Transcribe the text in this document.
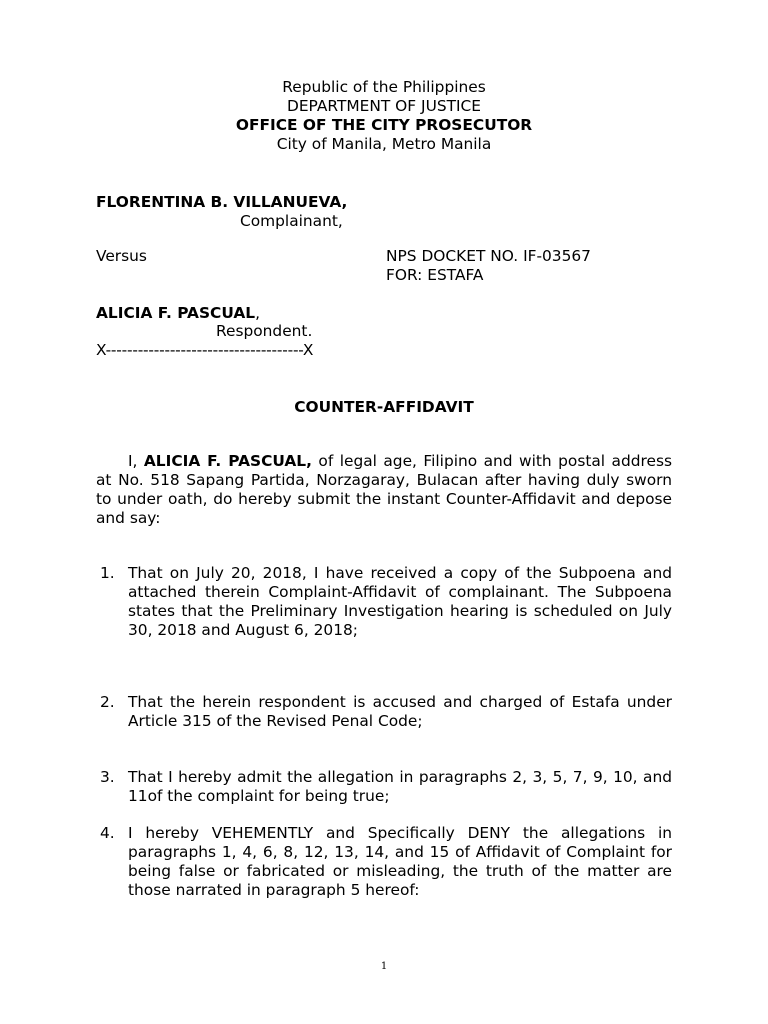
Republic of the Philippines
DEPARTMENT OF JUSTICE
OFFICE OF THE CITY PROSECUTOR
City of Manila, Metro Manila
FLORENTINA B. VILLANUEVA,
Complainant,
Versus	NPS DOCKET NO. IF-03567
FOR: ESTAFA
ALICIA F. PASCUAL,
Respondent.
X-------------------------------------X
COUNTER-AFFIDAVIT
I, ALICIA F. PASCUAL, of legal age, Filipino and with postal address at No. 518 Sapang Partida, Norzagaray, Bulacan after having duly sworn to under oath, do hereby submit the instant Counter-Affidavit and depose and say:
1. That on July 20, 2018, I have received a copy of the Subpoena and attached therein Complaint-Affidavit of complainant. The Subpoena states that the Preliminary Investigation hearing is scheduled on July 30, 2018 and August 6, 2018;
2. That the herein respondent is accused and charged of Estafa under Article 315 of the Revised Penal Code;
3. That I hereby admit the allegation in paragraphs 2, 3, 5, 7, 9, 10, and 11of the complaint for being true;
4. I hereby VEHEMENTLY and Specifically DENY the allegations in paragraphs 1, 4, 6, 8, 12, 13, 14, and 15 of Affidavit of Complaint for being false or fabricated or misleading, the truth of the matter are those narrated in paragraph 5 hereof:
1
